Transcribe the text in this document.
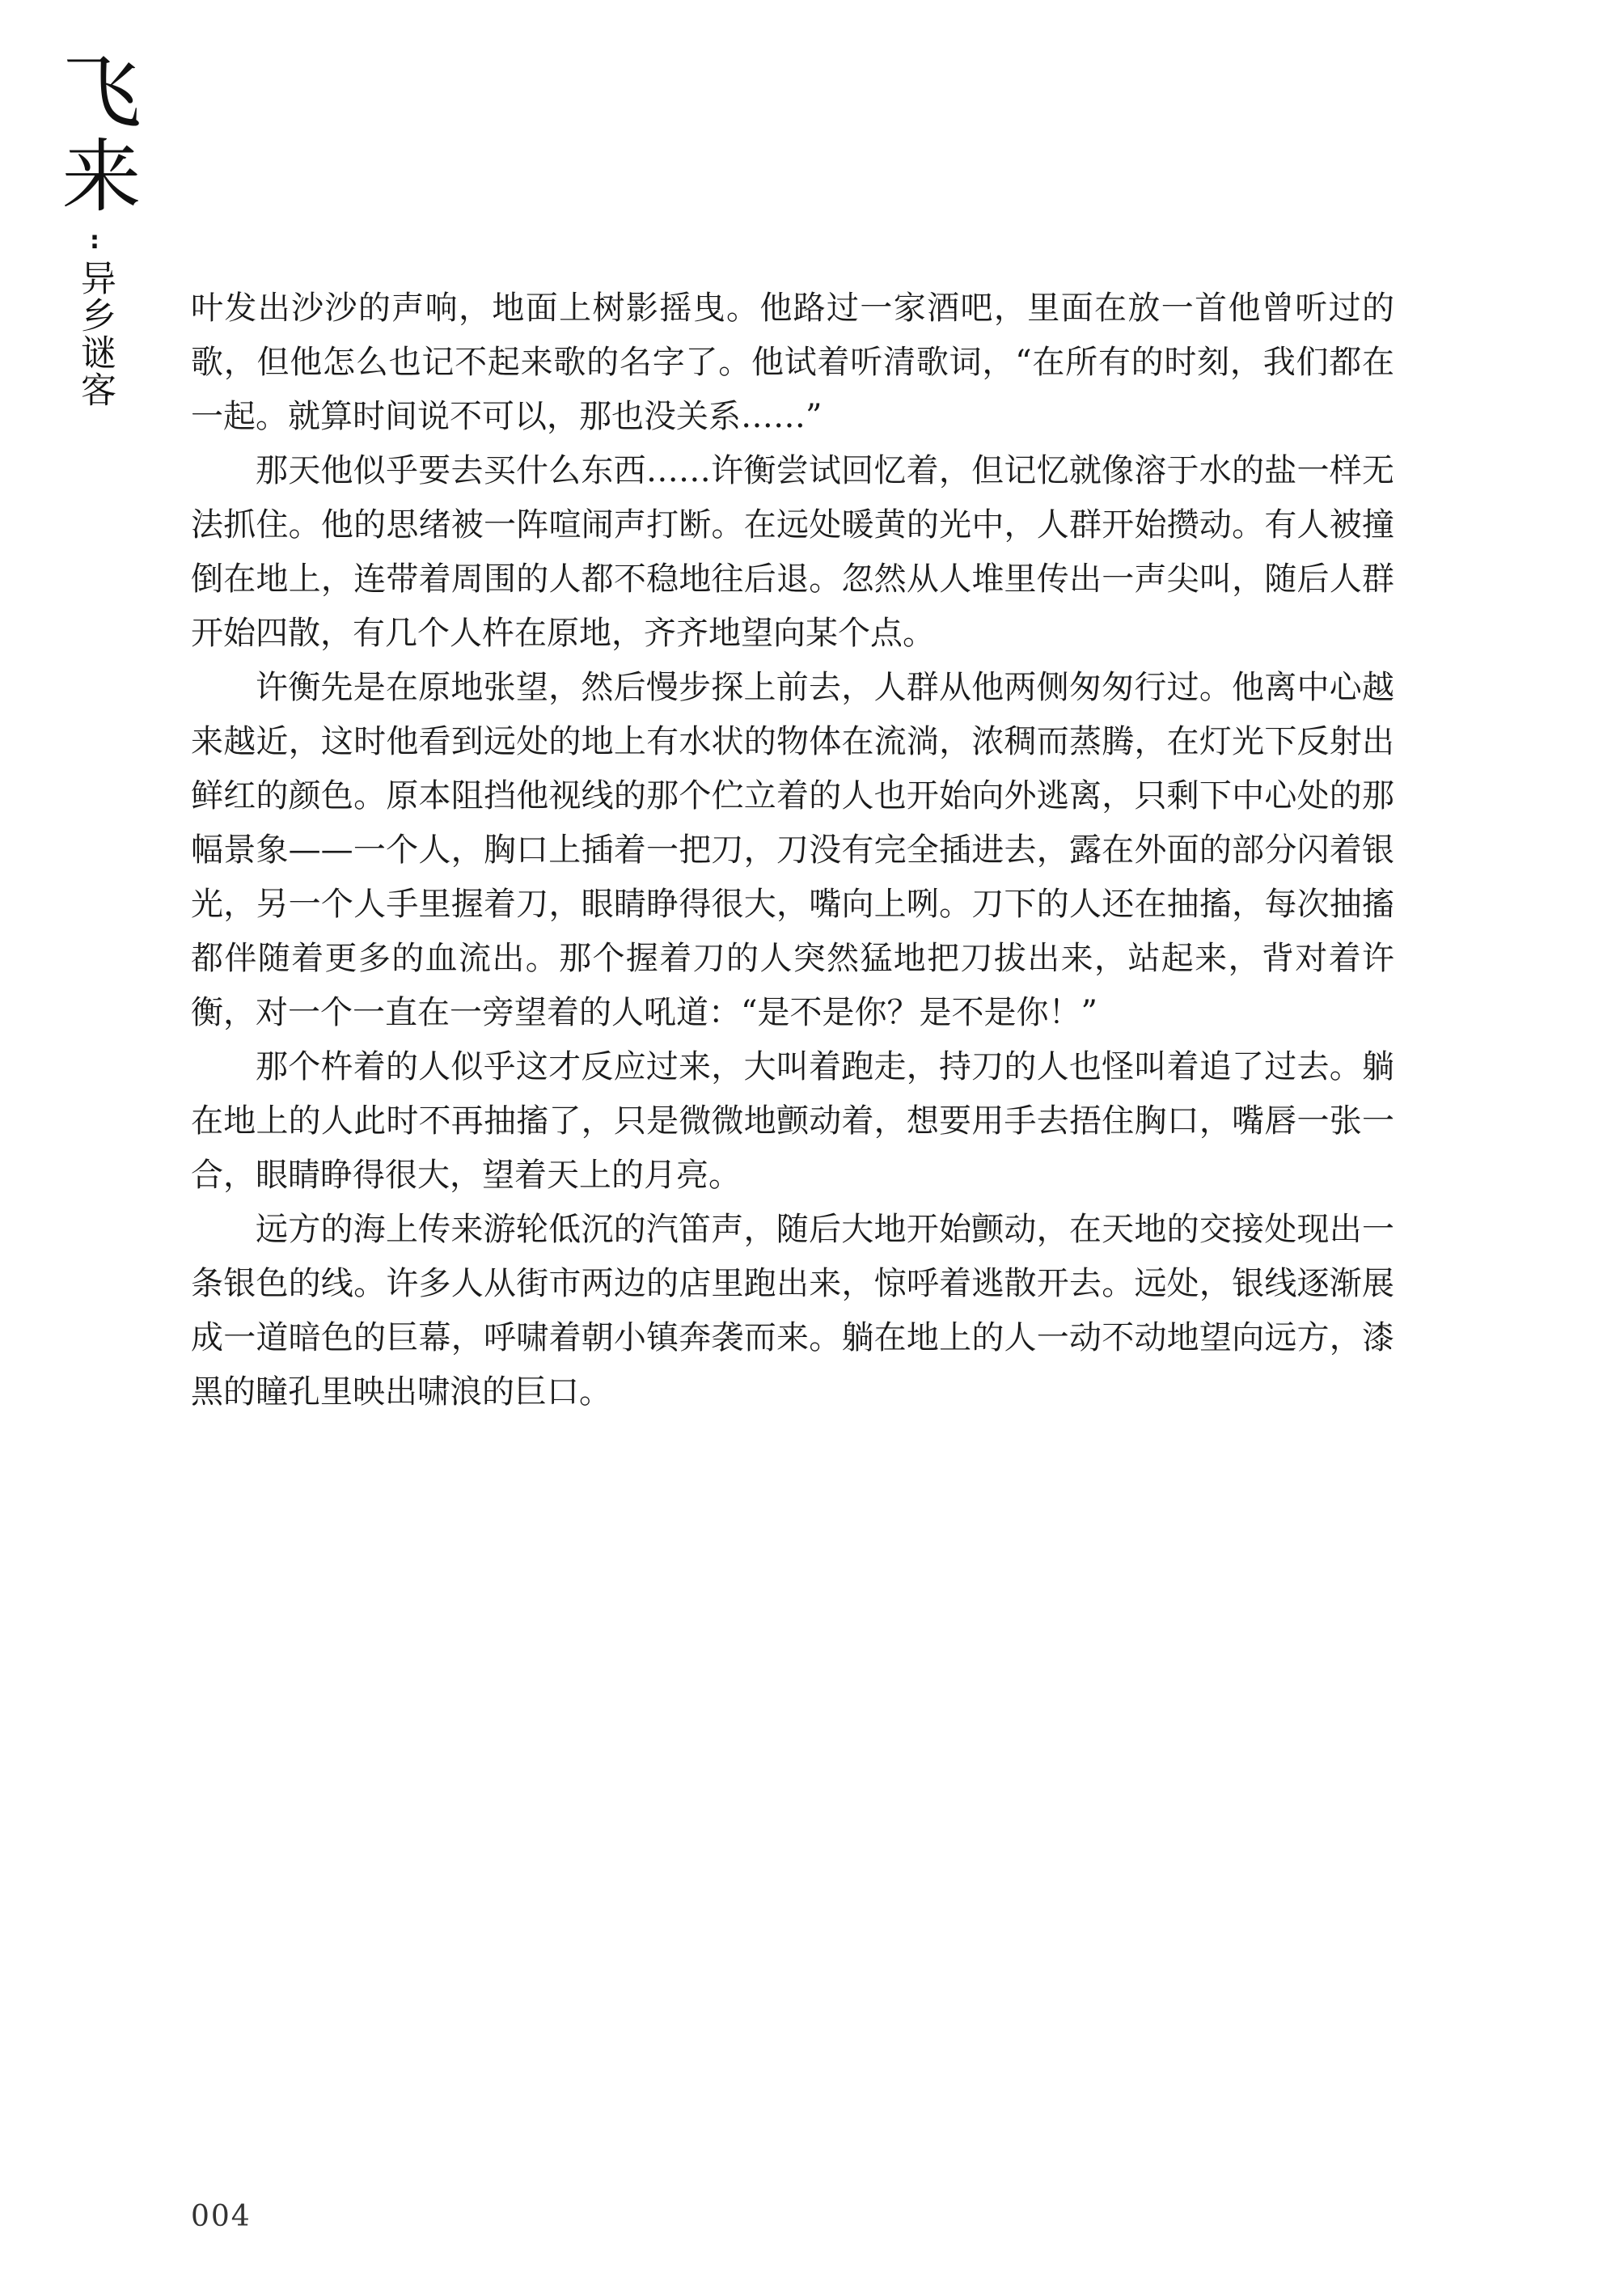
飞来
:
异乡谜客 叶发出沙沙的声响，地面上树影摇曳。他路过一家酒吧，里面在放一首他曾听过的歌，但他怎么也记不起来歌的名字了。他试着听清歌词，“在所有的时刻，我们都在一起。就算时间说不可以，那也没关系……”

那天他似乎要去买什么东西……许衡尝试回忆着，但记忆就像溶于水的盐一样无法抓住。他的思绪被一阵喧闹声打断。在远处暖黄的光中，人群开始攒动。有人被撞倒在地上，连带着周围的人都不稳地往后退。忽然从人堆里传出一声尖叫，随后人群开始四散，有几个人杵在原地，齐齐地望向某个点。

许衡先是在原地张望，然后慢步探上前去，人群从他两侧匆匆行过。他离中心越来越近，这时他看到远处的地上有水状的物体在流淌，浓稠而蒸腾，在灯光下反射出鲜红的颜色。原本阻挡他视线的那个伫立着的人也开始向外逃离，只剩下中心处的那幅景象——一个人，胸口上插着一把刀，刀没有完全插进去，露在外面的部分闪着银光，另一个人手里握着刀，眼睛睁得很大，嘴向上咧。刀下的人还在抽搐，每次抽搐都伴随着更多的血流出。那个握着刀的人突然猛地把刀拔出来，站起来，背对着许衡，对一个一直在一旁望着的人吼道：“是不是你？是不是你！”

那个杵着的人似乎这才反应过来，大叫着跑走，持刀的人也怪叫着追了过去。躺在地上的人此时不再抽搐了，只是微微地颤动着，想要用手去捂住胸口，嘴唇一张一合，眼睛睁得很大，望着天上的月亮。

远方的海上传来游轮低沉的汽笛声，随后大地开始颤动，在天地的交接处现出一条银色的线。许多人从街市两边的店里跑出来，惊呼着逃散开去。远处，银线逐渐展成一道暗色的巨幕，呼啸着朝小镇奔袭而来。躺在地上的人一动不动地望向远方，漆黑的瞳孔里映出啸浪的巨口。

004
